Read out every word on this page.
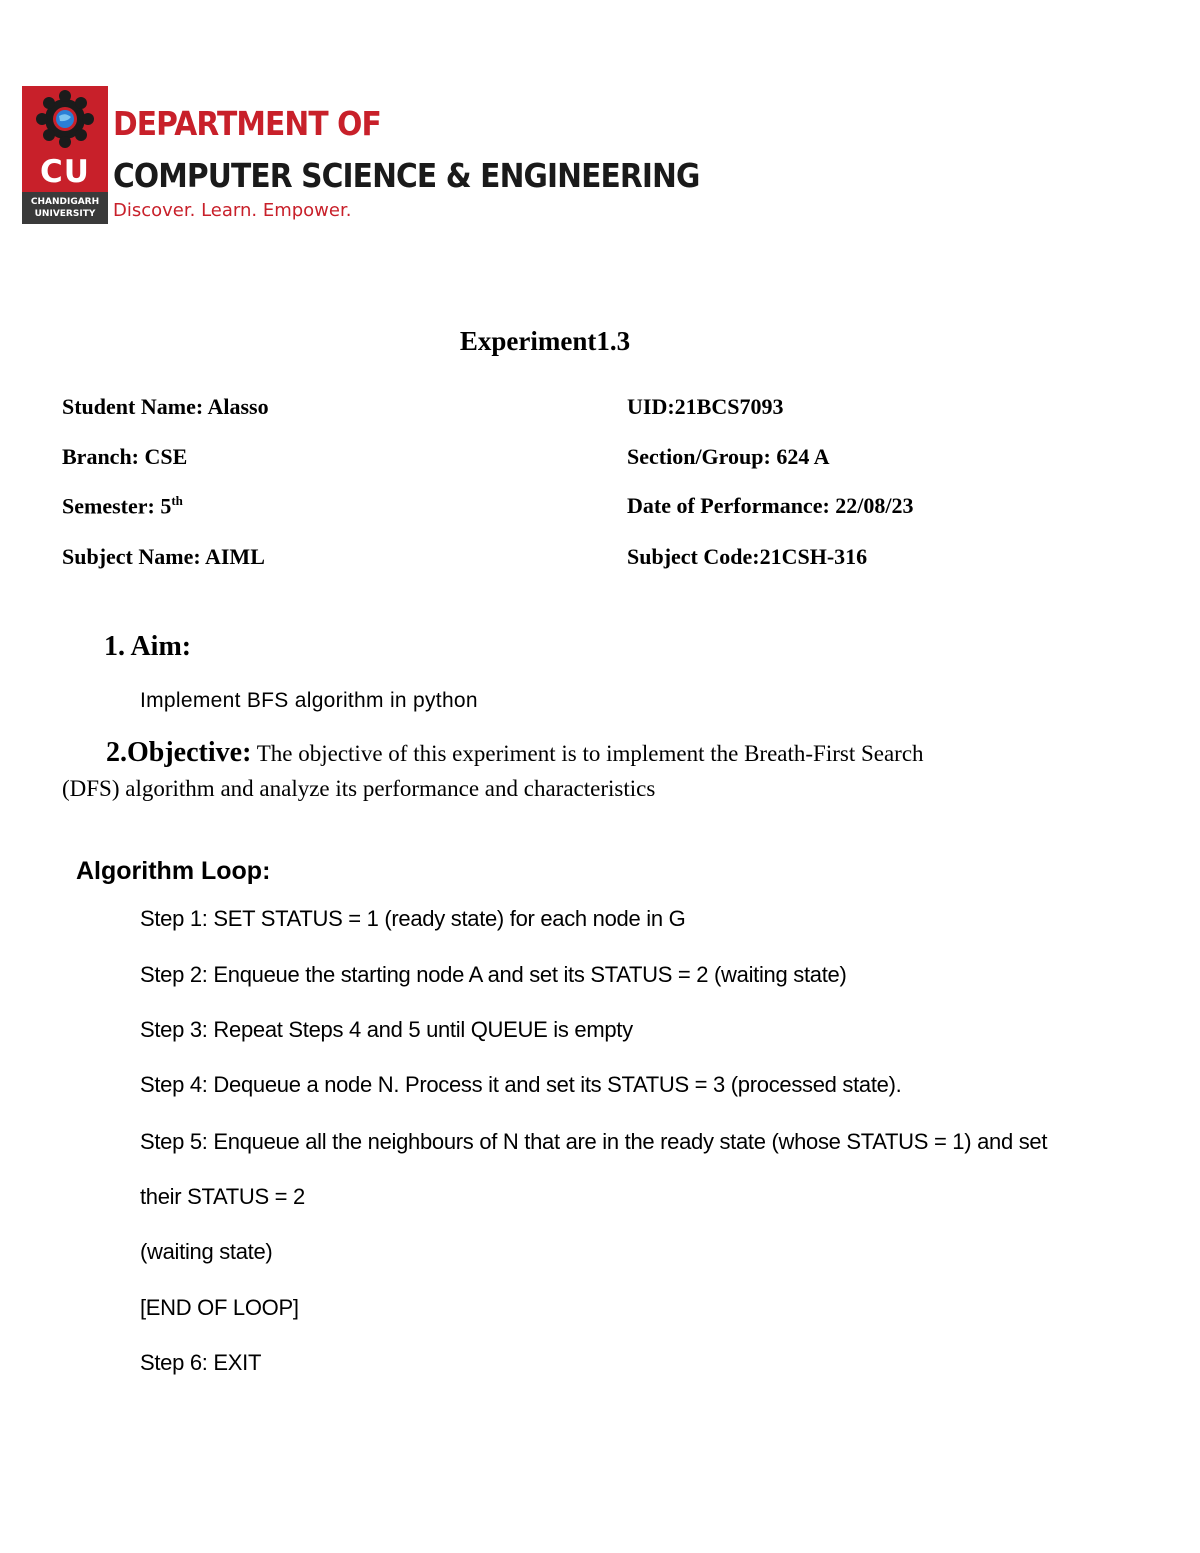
CU
CHANDIGARH
UNIVERSITY
DEPARTMENT OF
COMPUTER SCIENCE & ENGINEERING
Discover. Learn. Empower.
Experiment1.3
Student Name: Alasso	UID:21BCS7093
Branch: CSE	Section/Group: 624 A
Semester: 5th	Date of Performance: 22/08/23
Subject Name: AIML	Subject Code:21CSH-316
1. Aim:
Implement BFS algorithm in python
2.Objective: The objective of this experiment is to implement the Breath-First Search
(DFS) algorithm and analyze its performance and characteristics
Algorithm Loop:
Step 1: SET STATUS = 1 (ready state) for each node in G
Step 2: Enqueue the starting node A and set its STATUS = 2 (waiting state)
Step 3: Repeat Steps 4 and 5 until QUEUE is empty
Step 4: Dequeue a node N. Process it and set its STATUS = 3 (processed state).
Step 5: Enqueue all the neighbours of N that are in the ready state (whose STATUS = 1) and set
their STATUS = 2
(waiting state)
[END OF LOOP]
Step 6: EXIT
